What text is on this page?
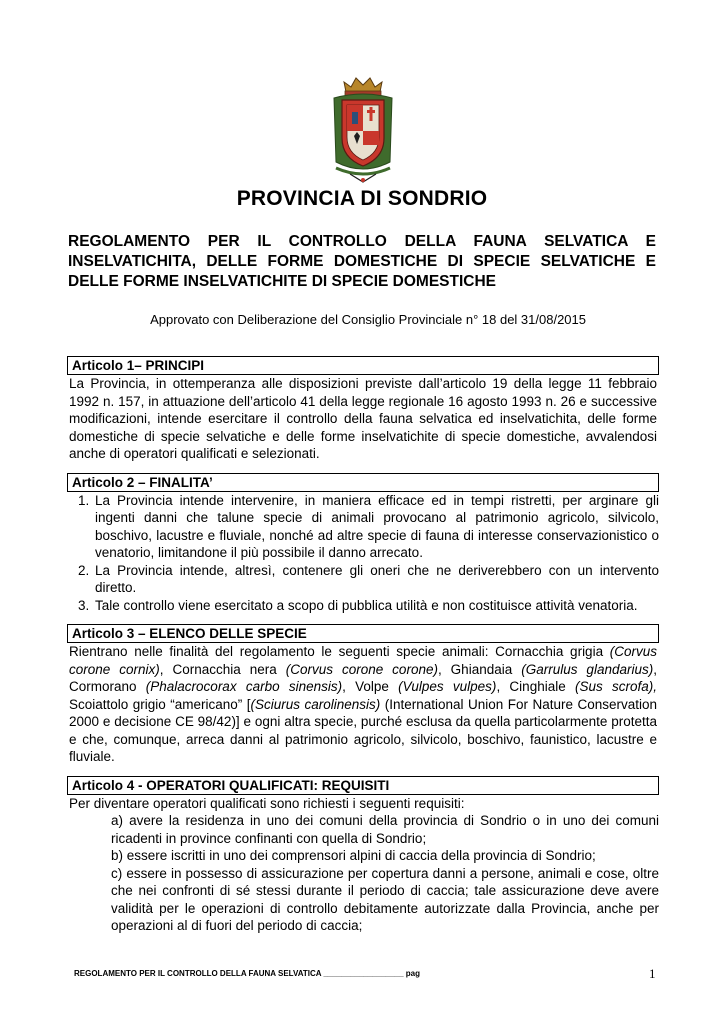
PROVINCIA DI SONDRIO
REGOLAMENTO PER IL CONTROLLO DELLA FAUNA SELVATICA E INSELVATICHITA, DELLE FORME DOMESTICHE DI SPECIE SELVATICHE E DELLE FORME INSELVATICHITE DI SPECIE DOMESTICHE
Approvato con Deliberazione del Consiglio Provinciale n° 18 del 31/08/2015
Articolo 1– PRINCIPI
La Provincia, in ottemperanza alle disposizioni previste dall’articolo 19 della legge 11 febbraio 1992 n. 157, in attuazione dell’articolo 41 della legge regionale 16 agosto 1993 n. 26 e successive modificazioni, intende esercitare il controllo della fauna selvatica ed inselvatichita, delle forme domestiche di specie selvatiche e delle forme inselvatichite di specie domestiche, avvalendosi anche di operatori qualificati e selezionati.
Articolo 2 – FINALITA’
1. La Provincia intende intervenire, in maniera efficace ed in tempi ristretti, per arginare gli ingenti danni che talune specie di animali provocano al patrimonio agricolo, silvicolo, boschivo, lacustre e fluviale, nonché ad altre specie di fauna di interesse conservazionistico o venatorio, limitandone il più possibile il danno arrecato.
2. La Provincia intende, altresì, contenere gli oneri che ne deriverebbero con un intervento diretto.
3. Tale controllo viene esercitato a scopo di pubblica utilità e non costituisce attività venatoria.
Articolo 3 – ELENCO DELLE SPECIE
Rientrano nelle finalità del regolamento le seguenti specie animali: Cornacchia grigia (Corvus corone cornix), Cornacchia nera (Corvus corone corone), Ghiandaia (Garrulus glandarius), Cormorano (Phalacrocorax carbo sinensis), Volpe (Vulpes vulpes), Cinghiale (Sus scrofa), Scoiattolo grigio “americano” [(Sciurus carolinensis) (International Union For Nature Conservation 2000 e decisione CE 98/42)] e ogni altra specie, purché esclusa da quella particolarmente protetta e che, comunque, arreca danni al patrimonio agricolo, silvicolo, boschivo, faunistico, lacustre e fluviale.
Articolo 4 - OPERATORI QUALIFICATI: REQUISITI
Per diventare operatori qualificati sono richiesti i seguenti requisiti:
a) avere la residenza in uno dei comuni della provincia di Sondrio o in uno dei comuni ricadenti in province confinanti con quella di Sondrio;
b) essere iscritti in uno dei comprensori alpini di caccia della provincia di Sondrio;
c) essere in possesso di assicurazione per copertura danni a persone, animali e cose, oltre che nei confronti di sé stessi durante il periodo di caccia; tale assicurazione deve avere validità per le operazioni di controllo debitamente autorizzate dalla Provincia, anche per operazioni al di fuori del periodo di caccia;
REGOLAMENTO PER IL CONTROLLO DELLA FAUNA SELVATICA __________________ pag	1
